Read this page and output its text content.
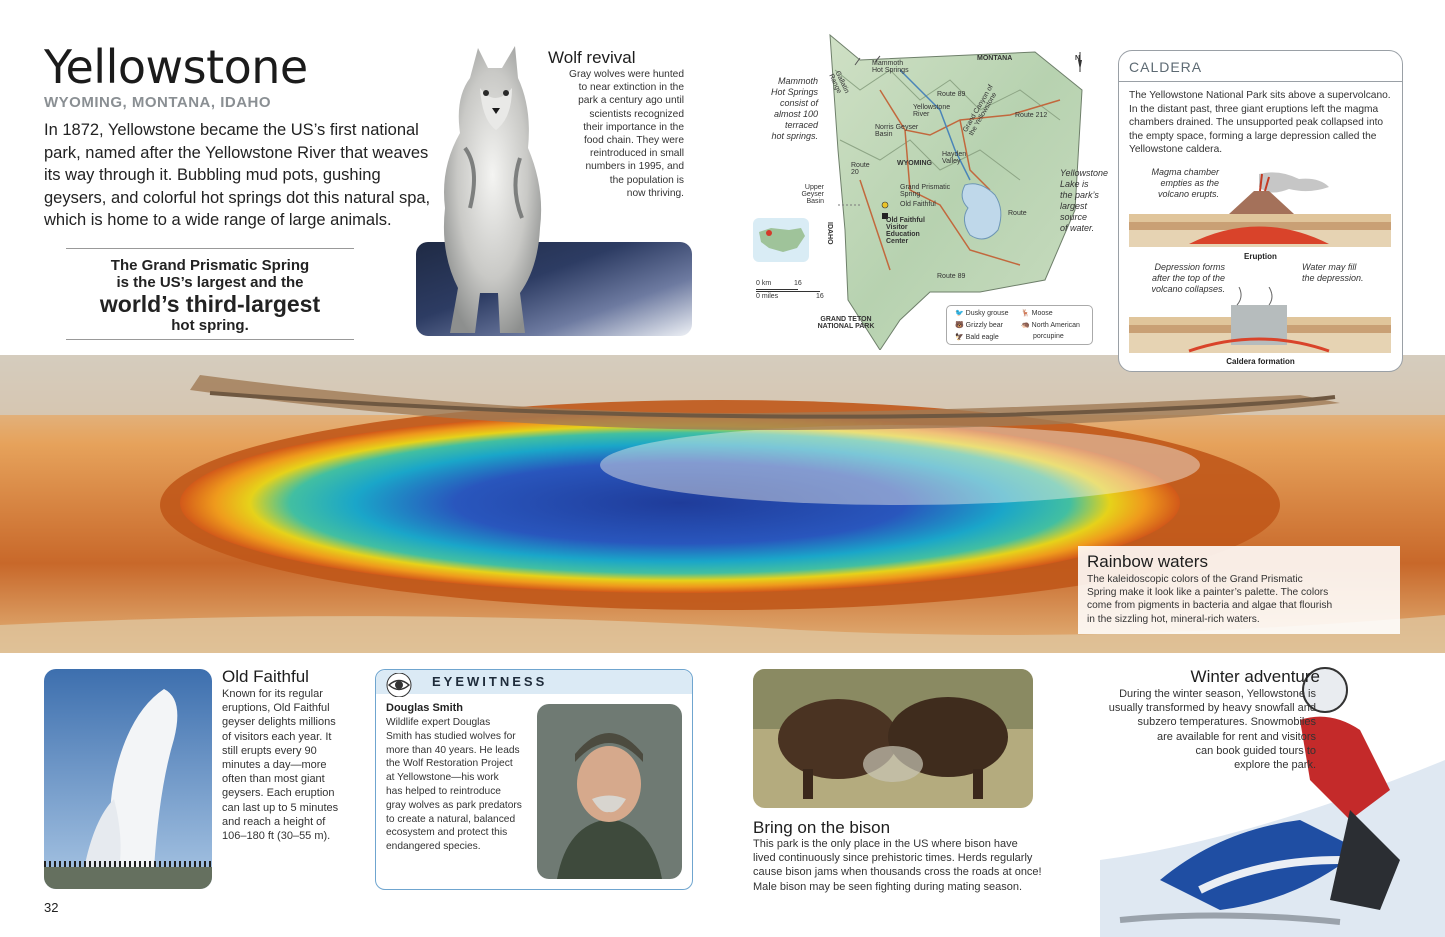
Yellowstone
WYOMING, MONTANA, IDAHO
In 1872, Yellowstone became the US’s first national park, named after the Yellowstone River that weaves its way through it. Bubbling mud pots, gushing geysers, and colorful hot springs dot this natural spa, which is home to a wide range of large animals.
The Grand Prismatic Spring
is the US’s largest and the
world’s third-largest
hot spring.
Wolf revival
Gray wolves were hunted
to near extinction in the
park a century ago until
scientists recognized
their importance in the
food chain. They were
reintroduced in small
numbers in 1995, and
the population is
now thriving.
Mammoth
Hot Springs
consist of
almost 100
terraced
hot springs.
MONTANA
Mammoth Hot Springs
Gallatin Range	Route 89
Yellowstone River	Route 212
Grand Canyon of the Yellowstone
Norris Geyser Basin
Hayden Valley
WYOMING
Route 20
Upper Geyser Basin
Grand Prismatic Spring
Old Faithful
Old Faithful Visitor Education Center
Route 89
Route
IDAHO
GRAND TETON NATIONAL PARK
N
Yellowstone
Lake is
the park’s
largest
source
of water.
0 km	16
0 miles	16
🐦 Dusky grouse
🐻 Grizzly bear
🦅 Bald eagle
🦌 Moose
🦔 North American
porcupine
Rainbow waters
The kaleidoscopic colors of the Grand Prismatic
Spring make it look like a painter’s palette. The colors
come from pigments in bacteria and algae that flourish
in the sizzling hot, mineral-rich waters.
CALDERA
The Yellowstone National Park sits above a supervolcano. In the distant past, three giant eruptions left the magma chambers drained. The unsupported peak collapsed into the empty space, forming a large depression called the Yellowstone caldera.
Magma chamber
empties as the
volcano erupts.
Eruption
Depression forms
after the top of the
volcano collapses.
Water may fill
the depression.
Caldera formation
Old Faithful
Known for its regular
eruptions, Old Faithful
geyser delights millions
of visitors each year. It
still erupts every 90
minutes a day—more
often than most giant
geysers. Each eruption
can last up to 5 minutes
and reach a height of
106–180 ft (30–55 m).
EYEWITNESS
Douglas Smith
Wildlife expert Douglas
Smith has studied wolves for
more than 40 years. He leads
the Wolf Restoration Project
at Yellowstone—his work
has helped to reintroduce
gray wolves as park predators
to create a natural, balanced
ecosystem and protect this
endangered species.
Bring on the bison
This park is the only place in the US where bison have
lived continuously since prehistoric times. Herds regularly
cause bison jams when thousands cross the roads at once!
Male bison may be seen fighting during mating season.
Winter adventure
During the winter season, Yellowstone is
usually transformed by heavy snowfall and
subzero temperatures. Snowmobiles
are available for rent and visitors
can book guided tours to
explore the park.
32
